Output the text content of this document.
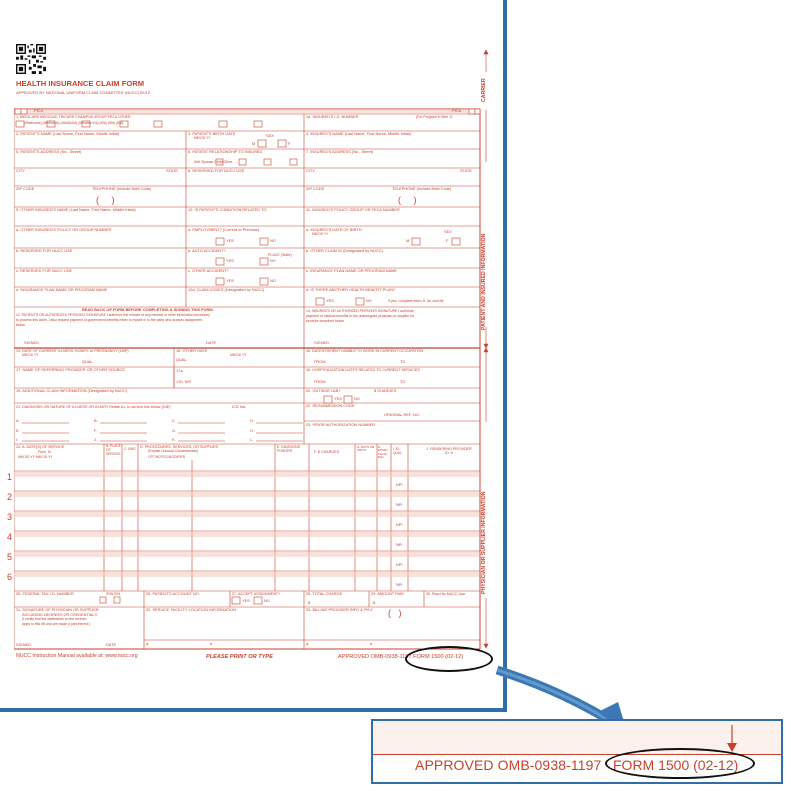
HEALTH INSURANCE CLAIM FORM
APPROVED BY NATIONAL UNIFORM CLAIM COMMITTEE (NUCC) 02/12
PICA	PICA
CARRIER
PATIENT AND INSURED INFORMATION
PHYSICIAN OR SUPPLIER INFORMATION
1. MEDICARE MEDICAID TRICARE CHAMPVA GROUP FECA OTHER
(Medicare#) (Medicaid#) (ID#/DoD#) (Member ID#) (ID#) (ID#) (ID#)
1a. INSURED'S I.D. NUMBER	(For Program in Item 1)
2. PATIENT'S NAME (Last Name, First Name, Middle Initial)	3. PATIENT'S BIRTH DATE
MM DD YY	SEX
M	F
4. INSURED'S NAME (Last Name, First Name, Middle Initial)
5. PATIENT'S ADDRESS (No., Street)	6. PATIENT RELATIONSHIP TO INSURED
Self Spouse Child Other
7. INSURED'S ADDRESS (No., Street)
CITY	STATE	8. RESERVED FOR NUCC USE	CITY	STATE
ZIP CODE	TELEPHONE (Include Area Code)
(     )
ZIP CODE	TELEPHONE (Include Area Code)
(     )
9. OTHER INSURED'S NAME (Last Name, First Name, Middle Initial)	10. IS PATIENT'S CONDITION RELATED TO:	11. INSURED'S POLICY GROUP OR FECA NUMBER
a. OTHER INSURED'S POLICY OR GROUP NUMBER	a. EMPLOYMENT? (Current or Previous)
YES	NO
a. INSURED'S DATE OF BIRTH
MM DD YY	SEX
M	F
b. RESERVED FOR NUCC USE	b. AUTO ACCIDENT?
PLACE (State)
YES	NO
b. OTHER CLAIM ID (Designated by NUCC)
c. RESERVED FOR NUCC USE	c. OTHER ACCIDENT?
YES	NO
c. INSURANCE PLAN NAME OR PROGRAM NAME
d. INSURANCE PLAN NAME OR PROGRAM NAME	10d. CLAIM CODES (Designated by NUCC)	d. IS THERE ANOTHER HEALTH BENEFIT PLAN?
YES	NO	If yes, complete items 9, 9a, and 9d.
READ BACK OF FORM BEFORE COMPLETING & SIGNING THIS FORM.
12. PATIENT'S OR AUTHORIZED PERSON'S SIGNATURE I authorize the release of any medical or other information necessary
to process this claim. I also request payment of government benefits either to myself or to the party who accepts assignment
below.
13. INSURED'S OR AUTHORIZED PERSON'S SIGNATURE I authorize
payment of medical benefits to the undersigned physician or supplier for
services described below.
SIGNED	DATE	SIGNED
14. DATE OF CURRENT ILLNESS, INJURY, or PREGNANCY (LMP)
MM DD YY
QUAL.
15. OTHER DATE
QUAL.
MM DD YY
16. DATES PATIENT UNABLE TO WORK IN CURRENT OCCUPATION
FROM	TO
17. NAME OF REFERRING PROVIDER OR OTHER SOURCE	17a.
17b. NPI
18. HOSPITALIZATION DATES RELATED TO CURRENT SERVICES
FROM	TO
19. ADDITIONAL CLAIM INFORMATION (Designated by NUCC)	20. OUTSIDE LAB?	$ CHARGES
YES	NO
21. DIAGNOSIS OR NATURE OF ILLNESS OR INJURY Relate A-L to service line below (24E)	ICD Ind.	22. RESUBMISSION CODE
ORIGINAL REF. NO.
23. PRIOR AUTHORIZATION NUMBER
A.	B.	C.	D.
E.	F.	G.	H.
I.	J.	K.	L.
24. A. DATE(S) OF SERVICE
From To
MM DD YY MM DD YY
B. PLACE OF SERVICE
C. EMG D. PROCEDURES, SERVICES, OR SUPPLIES
(Explain Unusual Circumstances)
CPT/HCPCS MODIFIER
E. DIAGNOSIS POINTER	F. $ CHARGES
G. DAYS OR UNITS
H. EPSDT Family Plan
I. ID. QUAL.
J. RENDERING PROVIDER ID. #
1
NPI
2
NPI
3
NPI
4
NPI
5
NPI
6
NPI
25. FEDERAL TAX I.D. NUMBER	SSN EIN	26. PATIENT'S ACCOUNT NO.	27. ACCEPT ASSIGNMENT?
YES	NO
28. TOTAL CHARGE
$
29. AMOUNT PAID
$
30. Rsvd for NUCC Use
31. SIGNATURE OF PHYSICIAN OR SUPPLIER
INCLUDING DEGREES OR CREDENTIALS
(I certify that the statements on the reverse
apply to this bill and are made a part thereof.)
SIGNED	DATE
32. SERVICE FACILITY LOCATION INFORMATION	33. BILLING PROVIDER INFO & PH # (   )
a.	b.	a.	b.
NUCC Instruction Manual available at: www.nucc.org	PLEASE PRINT OR TYPE	APPROVED OMB-0938-1197 FORM 1500 (02-12)

APPROVED OMB-0938-1197 FORM 1500 (02-12)
